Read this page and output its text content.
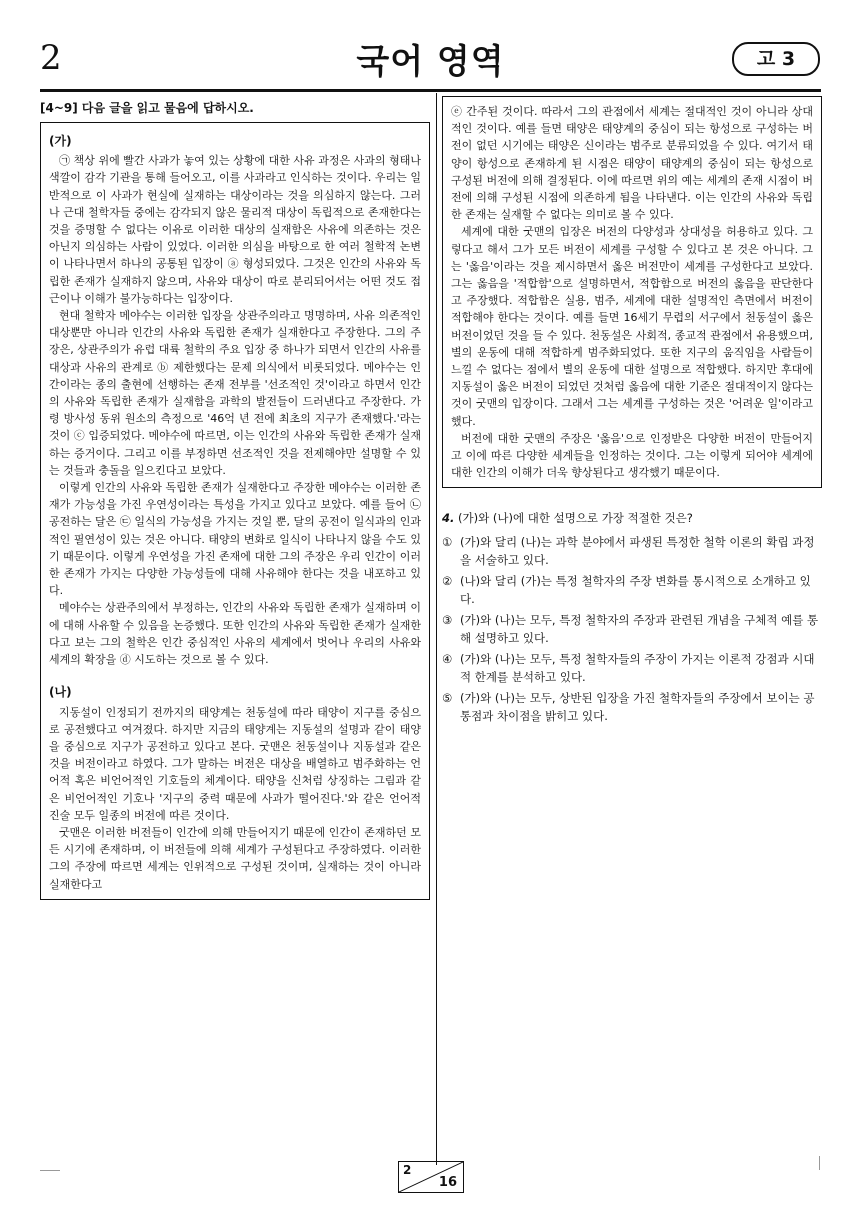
2	국어 영역	고 3
[4~9] 다음 글을 읽고 물음에 답하시오.
(가)

㉠ 책상 위에 빨간 사과가 놓여 있는 상황에 대한 사유 과정은 사과의 형태나 색깔이 감각 기관을 통해 들어오고, 이를 사과라고 인식하는 것이다. 우리는 일반적으로 이 사과가 현실에 실재하는 대상이라는 것을 의심하지 않는다. 그러나 근대 철학자들 중에는 감각되지 않은 물리적 대상이 독립적으로 존재한다는 것을 증명할 수 없다는 이유로 이러한 대상의 실재함은 사유에 의존하는 것은 아닌지 의심하는 사람이 있었다. 이러한 의심을 바탕으로 한 여러 철학적 논변이 나타나면서 하나의 공통된 입장이 ⓐ 형성되었다. 그것은 인간의 사유와 독립한 존재가 실재하지 않으며, 사유와 대상이 따로 분리되어서는 어떤 것도 접근이나 이해가 불가능하다는 입장이다.

현대 철학자 메야수는 이러한 입장을 상관주의라고 명명하며, 사유 의존적인 대상뿐만 아니라 인간의 사유와 독립한 존재가 실재한다고 주장한다. 그의 주장은, 상관주의가 유럽 대륙 철학의 주요 입장 중 하나가 되면서 인간의 사유를 대상과 사유의 관계로 ⓑ 제한했다는 문제 의식에서 비롯되었다. 메야수는 인간이라는 종의 출현에 선행하는 존재 전부를 '선조적인 것'이라고 하면서 인간의 사유와 독립한 존재가 실재함을 과학의 발전들이 드러낸다고 주장한다. 가령 방사성 동위 원소의 측정으로 '46억 년 전에 최초의 지구가 존재했다.'라는 것이 ⓒ 입증되었다. 메야수에 따르면, 이는 인간의 사유와 독립한 존재가 실재하는 증거이다. 그리고 이를 부정하면 선조적인 것을 전제해야만 설명할 수 있는 것들과 충돌을 일으킨다고 보았다.

이렇게 인간의 사유와 독립한 존재가 실재한다고 주장한 메야수는 이러한 존재가 가능성을 가진 우연성이라는 특성을 가지고 있다고 보았다. 예를 들어 ㉡ 공전하는 달은 ㉢ 일식의 가능성을 가지는 것일 뿐, 달의 공전이 일식과의 인과적인 필연성이 있는 것은 아니다. 태양의 변화로 일식이 나타나지 않을 수도 있기 때문이다. 이렇게 우연성을 가진 존재에 대한 그의 주장은 우리 인간이 이러한 존재가 가지는 다양한 가능성들에 대해 사유해야 한다는 것을 내포하고 있다.

메야수는 상관주의에서 부정하는, 인간의 사유와 독립한 존재가 실재하며 이에 대해 사유할 수 있음을 논증했다. 또한 인간의 사유와 독립한 존재가 실재한다고 보는 그의 철학은 인간 중심적인 사유의 세계에서 벗어나 우리의 사유와 세계의 확장을 ⓓ 시도하는 것으로 볼 수 있다.

(나)

지동설이 인정되기 전까지의 태양계는 천동설에 따라 태양이 지구를 중심으로 공전했다고 여겨졌다. 하지만 지금의 태양계는 지동설의 설명과 같이 태양을 중심으로 지구가 공전하고 있다고 본다. 굿맨은 천동설이나 지동설과 같은 것을 버전이라고 하였다. 그가 말하는 버전은 대상을 배열하고 범주화하는 언어적 혹은 비언어적인 기호들의 체계이다. 태양을 신처럼 상징하는 그림과 같은 비언어적인 기호나 '지구의 중력 때문에 사과가 떨어진다.'와 같은 언어적 진술 모두 일종의 버전에 따른 것이다.

굿맨은 이러한 버전들이 인간에 의해 만들어지기 때문에 인간이 존재하던 모든 시기에 존재하며, 이 버전들에 의해 세계가 구성된다고 주장하였다. 이러한 그의 주장에 따르면 세계는 인위적으로 구성된 것이며, 실재하는 것이 아니라 실재한다고

ⓔ 간주된 것이다. 따라서 그의 관점에서 세계는 절대적인 것이 아니라 상대적인 것이다. 예를 들면 태양은 태양계의 중심이 되는 항성으로 구성하는 버전이 없던 시기에는 태양은 신이라는 범주로 분류되었을 수 있다. 여기서 태양이 항성으로 존재하게 된 시점은 태양이 태양계의 중심이 되는 항성으로 구성된 버전에 의해 결정된다. 이에 따르면 위의 예는 세계의 존재 시점이 버전에 의해 구성된 시점에 의존하게 됨을 나타낸다. 이는 인간의 사유와 독립한 존재는 실재할 수 없다는 의미로 볼 수 있다.

세계에 대한 굿맨의 입장은 버전의 다양성과 상대성을 허용하고 있다. 그렇다고 해서 그가 모든 버전이 세계를 구성할 수 있다고 본 것은 아니다. 그는 '옳음'이라는 것을 제시하면서 옳은 버전만이 세계를 구성한다고 보았다. 그는 옳음을 '적합함'으로 설명하면서, 적합함으로 버전의 옳음을 판단한다고 주장했다. 적합함은 실용, 범주, 세계에 대한 설명적인 측면에서 버전이 적합해야 한다는 것이다. 예를 들면 16세기 무렵의 서구에서 천동설이 옳은 버전이었던 것을 들 수 있다. 천동설은 사회적, 종교적 관점에서 유용했으며, 별의 운동에 대해 적합하게 범주화되었다. 또한 지구의 움직임을 사람들이 느낄 수 없다는 점에서 별의 운동에 대한 설명으로 적합했다. 하지만 후대에 지동설이 옳은 버전이 되었던 것처럼 옳음에 대한 기준은 절대적이지 않다는 것이 굿맨의 입장이다. 그래서 그는 세계를 구성하는 것은 '어려운 일'이라고 했다.

버전에 대한 굿맨의 주장은 '옳음'으로 인정받은 다양한 버전이 만들어지고 이에 따른 다양한 세계들을 인정하는 것이다. 그는 이렇게 되어야 세계에 대한 인간의 이해가 더욱 향상된다고 생각했기 때문이다.

4. (가)와 (나)에 대한 설명으로 가장 적절한 것은?
① (가)와 달리 (나)는 과학 분야에서 파생된 특정한 철학 이론의 확립 과정을 서술하고 있다.
② (나)와 달리 (가)는 특정 철학자의 주장 변화를 통시적으로 소개하고 있다.
③ (가)와 (나)는 모두, 특정 철학자의 주장과 관련된 개념을 구체적 예를 통해 설명하고 있다.
④ (가)와 (나)는 모두, 특정 철학자들의 주장이 가지는 이론적 강점과 시대적 한계를 분석하고 있다.
⑤ (가)와 (나)는 모두, 상반된 입장을 가진 철학자들의 주장에서 보이는 공통점과 차이점을 밝히고 있다.
2
16
